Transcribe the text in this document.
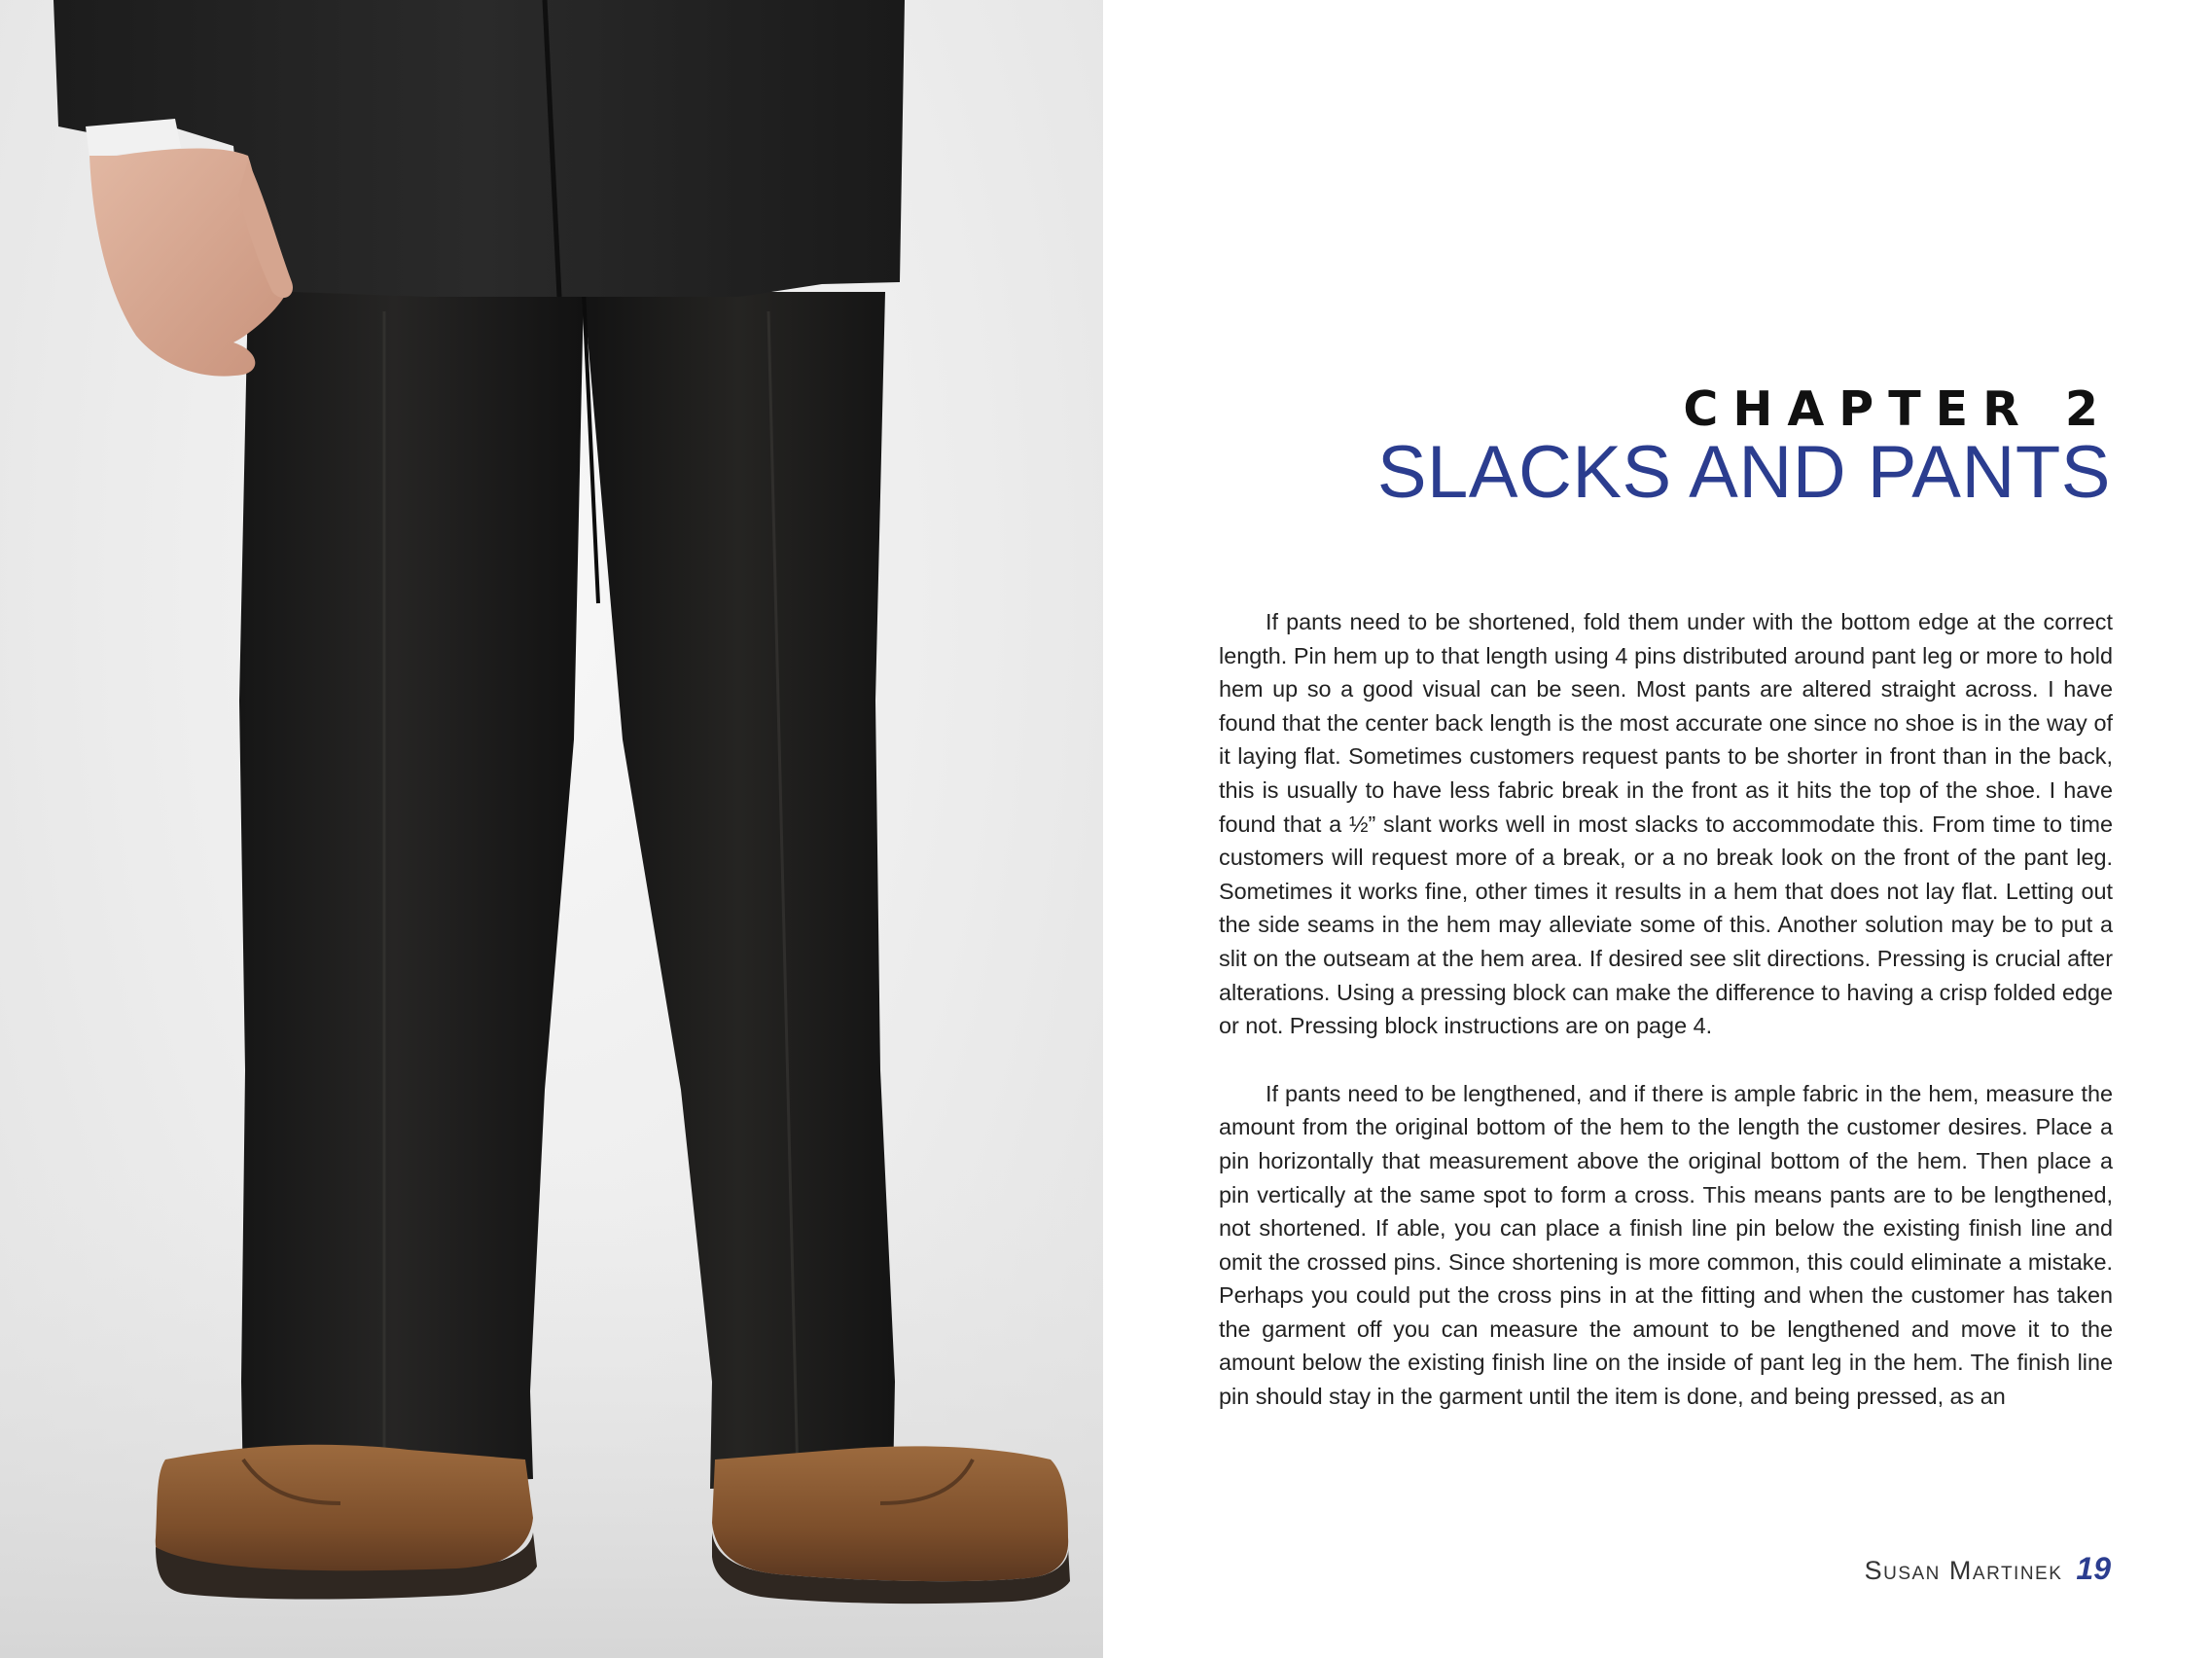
CHAPTER 2
SLACKS AND PANTS

If pants need to be shortened, fold them under with the bottom edge at the correct length. Pin hem up to that length using 4 pins distributed around pant leg or more to hold hem up so a good visual can be seen. Most pants are altered straight across. I have found that the center back length is the most accurate one since no shoe is in the way of it laying flat. Sometimes customers request pants to be shorter in front than in the back, this is usually to have less fabric break in the front as it hits the top of the shoe. I have found that a ½” slant works well in most slacks to accommodate this. From time to time customers will request more of a break, or a no break look on the front of the pant leg. Sometimes it works fine, other times it results in a hem that does not lay flat. Letting out the side seams in the hem may alleviate some of this. Another solution may be to put a slit on the outseam at the hem area. If desired see slit directions. Pressing is crucial after alterations. Using a pressing block can make the difference to having a crisp folded edge or not. Pressing block instructions are on page 4.

If pants need to be lengthened, and if there is ample fabric in the hem, measure the amount from the original bottom of the hem to the length the customer desires. Place a pin horizontally that measurement above the original bottom of the hem. Then place a pin vertically at the same spot to form a cross. This means pants are to be lengthened, not shortened. If able, you can place a finish line pin below the existing finish line and omit the crossed pins. Since shortening is more common, this could eliminate a mistake. Perhaps you could put the cross pins in at the fitting and when the customer has taken the garment off you can measure the amount to be lengthened and move it to the amount below the existing finish line on the inside of pant leg in the hem. The finish line pin should stay in the garment until the item is done, and being pressed, as an

Susan Martinek 19
